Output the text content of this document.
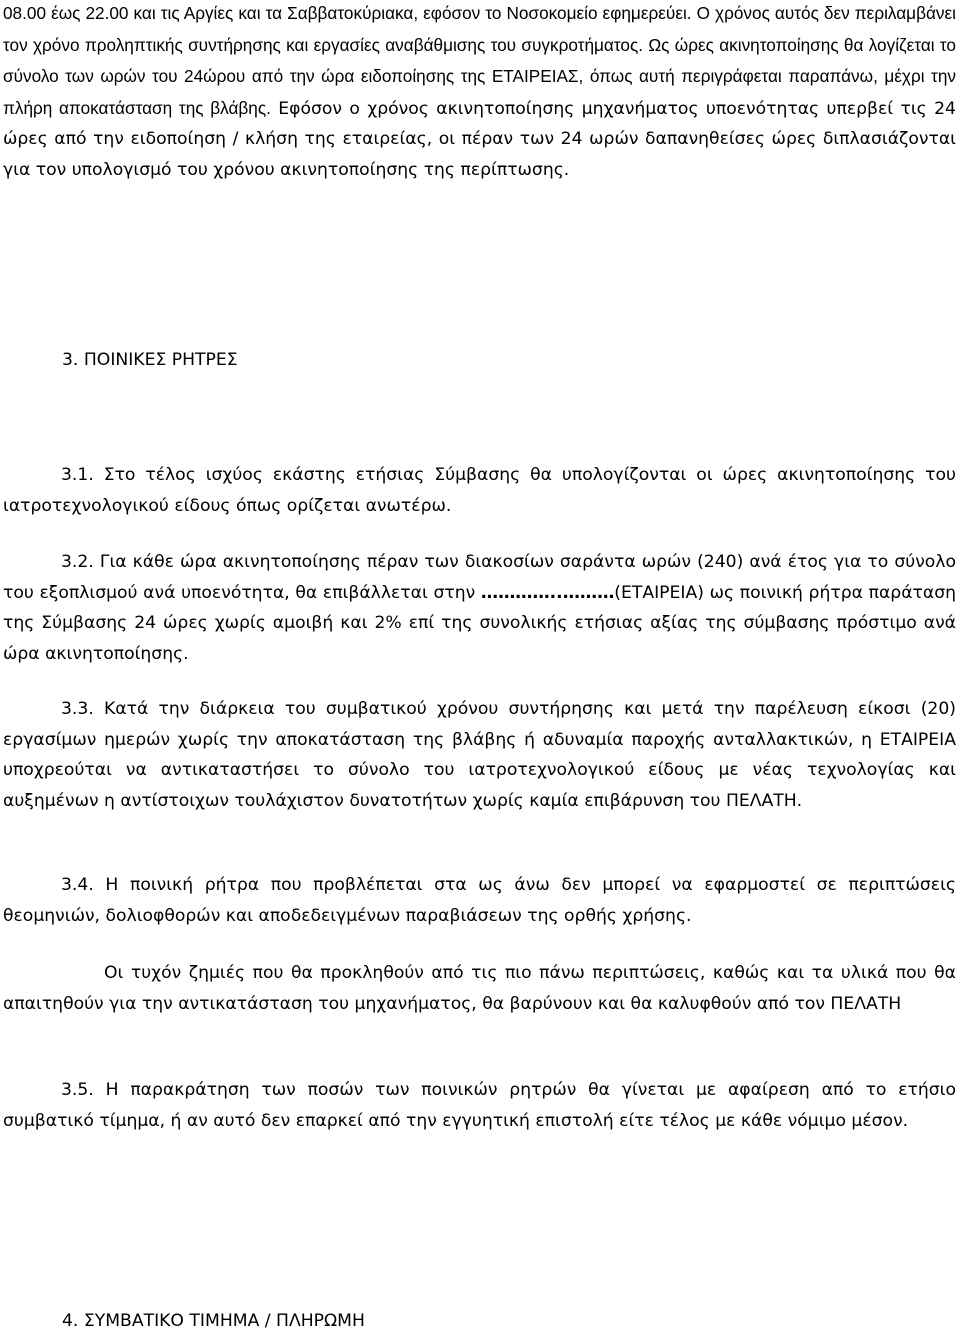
08.00 έως 22.00 και τις Αργίες και τα Σαββατοκύριακα, εφόσον το Νοσοκομείο εφημερεύει. Ο χρόνος αυτός δεν περιλαμβάνει τον χρόνο προληπτικής συντήρησης και εργασίες αναβάθμισης του συγκροτήματος. Ως ώρες ακινητοποίησης θα λογίζεται το σύνολο των ωρών του 24ώρου από την ώρα ειδοποίησης της ΕΤΑΙΡΕΙΑΣ, όπως αυτή περιγράφεται παραπάνω, μέχρι την πλήρη αποκατάσταση της βλάβης. Εφόσον ο χρόνος ακινητοποίησης μηχανήματος υποενότητας υπερβεί τις 24 ώρες από την ειδοποίηση / κλήση της εταιρείας, οι πέραν των 24 ωρών δαπανηθείσες ώρες διπλασιάζονται για τον υπολογισμό του χρόνου ακινητοποίησης της περίπτωσης.

3. ΠΟΙΝΙΚΕΣ ΡΗΤΡΕΣ

3.1. Στο τέλος ισχύος εκάστης ετήσιας Σύμβασης θα υπολογίζονται οι ώρες ακινητοποίησης του ιατροτεχνολογικού είδους όπως ορίζεται ανωτέρω.

3.2. Για κάθε ώρα ακινητοποίησης πέραν των διακοσίων σαράντα ωρών (240) ανά έτος για το σύνολο του εξοπλισμού ανά υποενότητα, θα επιβάλλεται στην …………..………(ΕΤΑΙΡΕΙΑ) ως ποινική ρήτρα παράταση της Σύμβασης 24 ώρες χωρίς αμοιβή και 2% επί της συνολικής ετήσιας αξίας της σύμβασης πρόστιμο ανά ώρα ακινητοποίησης.

3.3. Κατά την διάρκεια του συμβατικού χρόνου συντήρησης και μετά την παρέλευση είκοσι (20) εργασίμων ημερών χωρίς την αποκατάσταση της βλάβης ή αδυναμία παροχής ανταλλακτικών, η ΕΤΑΙΡΕΙΑ υποχρεούται να αντικαταστήσει το σύνολο του ιατροτεχνολογικού είδους με νέας τεχνολογίας και αυξημένων η αντίστοιχων τουλάχιστον δυνατοτήτων χωρίς καμία επιβάρυνση του ΠΕΛΑΤΗ.

3.4. Η ποινική ρήτρα που προβλέπεται στα ως άνω δεν μπορεί να εφαρμοστεί σε περιπτώσεις θεομηνιών, δολιοφθορών και αποδεδειγμένων παραβιάσεων της ορθής χρήσης.

Οι τυχόν ζημιές που θα προκληθούν από τις πιο πάνω περιπτώσεις, καθώς και τα υλικά που θα απαιτηθούν για την αντικατάσταση του μηχανήματος, θα βαρύνουν και θα καλυφθούν από τον ΠΕΛΑΤΗ

3.5. Η παρακράτηση των ποσών των ποινικών ρητρών θα γίνεται με αφαίρεση από το ετήσιο συμβατικό τίμημα, ή αν αυτό δεν επαρκεί από την εγγυητική επιστολή είτε τέλος με κάθε νόμιμο μέσον.

4. ΣΥΜΒΑΤΙΚΟ ΤΙΜΗΜΑ / ΠΛΗΡΩΜΗ
